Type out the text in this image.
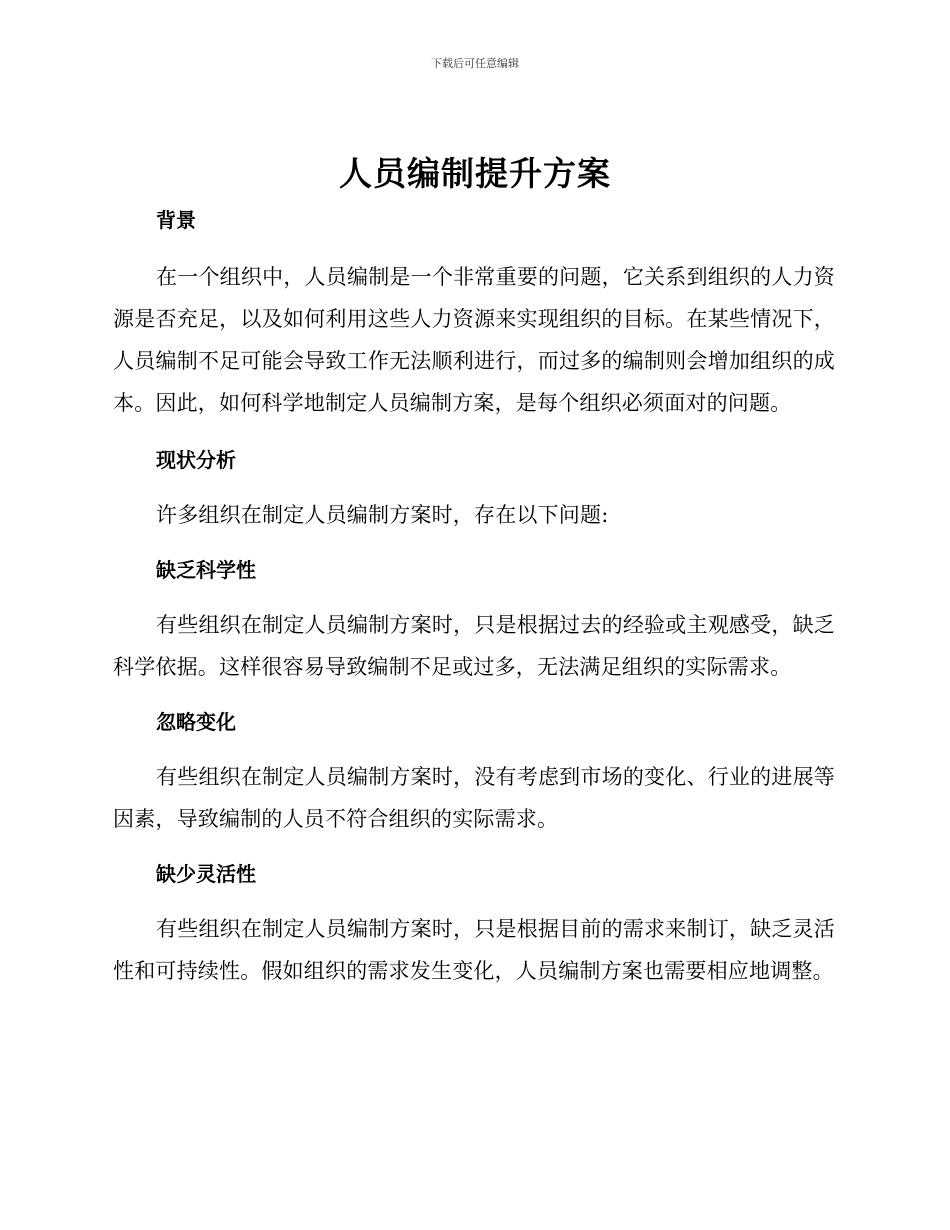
下载后可任意编辑
人员编制提升方案

背景

在一个组织中，人员编制是一个非常重要的问题，它关系到组织的人力资源是否充足，以及如何利用这些人力资源来实现组织的目标。在某些情况下，人员编制不足可能会导致工作无法顺利进行，而过多的编制则会增加组织的成本。因此，如何科学地制定人员编制方案，是每个组织必须面对的问题。

现状分析

许多组织在制定人员编制方案时，存在以下问题:

缺乏科学性

有些组织在制定人员编制方案时，只是根据过去的经验或主观感受，缺乏科学依据。这样很容易导致编制不足或过多，无法满足组织的实际需求。

忽略变化

有些组织在制定人员编制方案时，没有考虑到市场的变化、行业的进展等因素，导致编制的人员不符合组织的实际需求。

缺少灵活性

有些组织在制定人员编制方案时，只是根据目前的需求来制订，缺乏灵活性和可持续性。假如组织的需求发生变化，人员编制方案也需要相应地调整。
